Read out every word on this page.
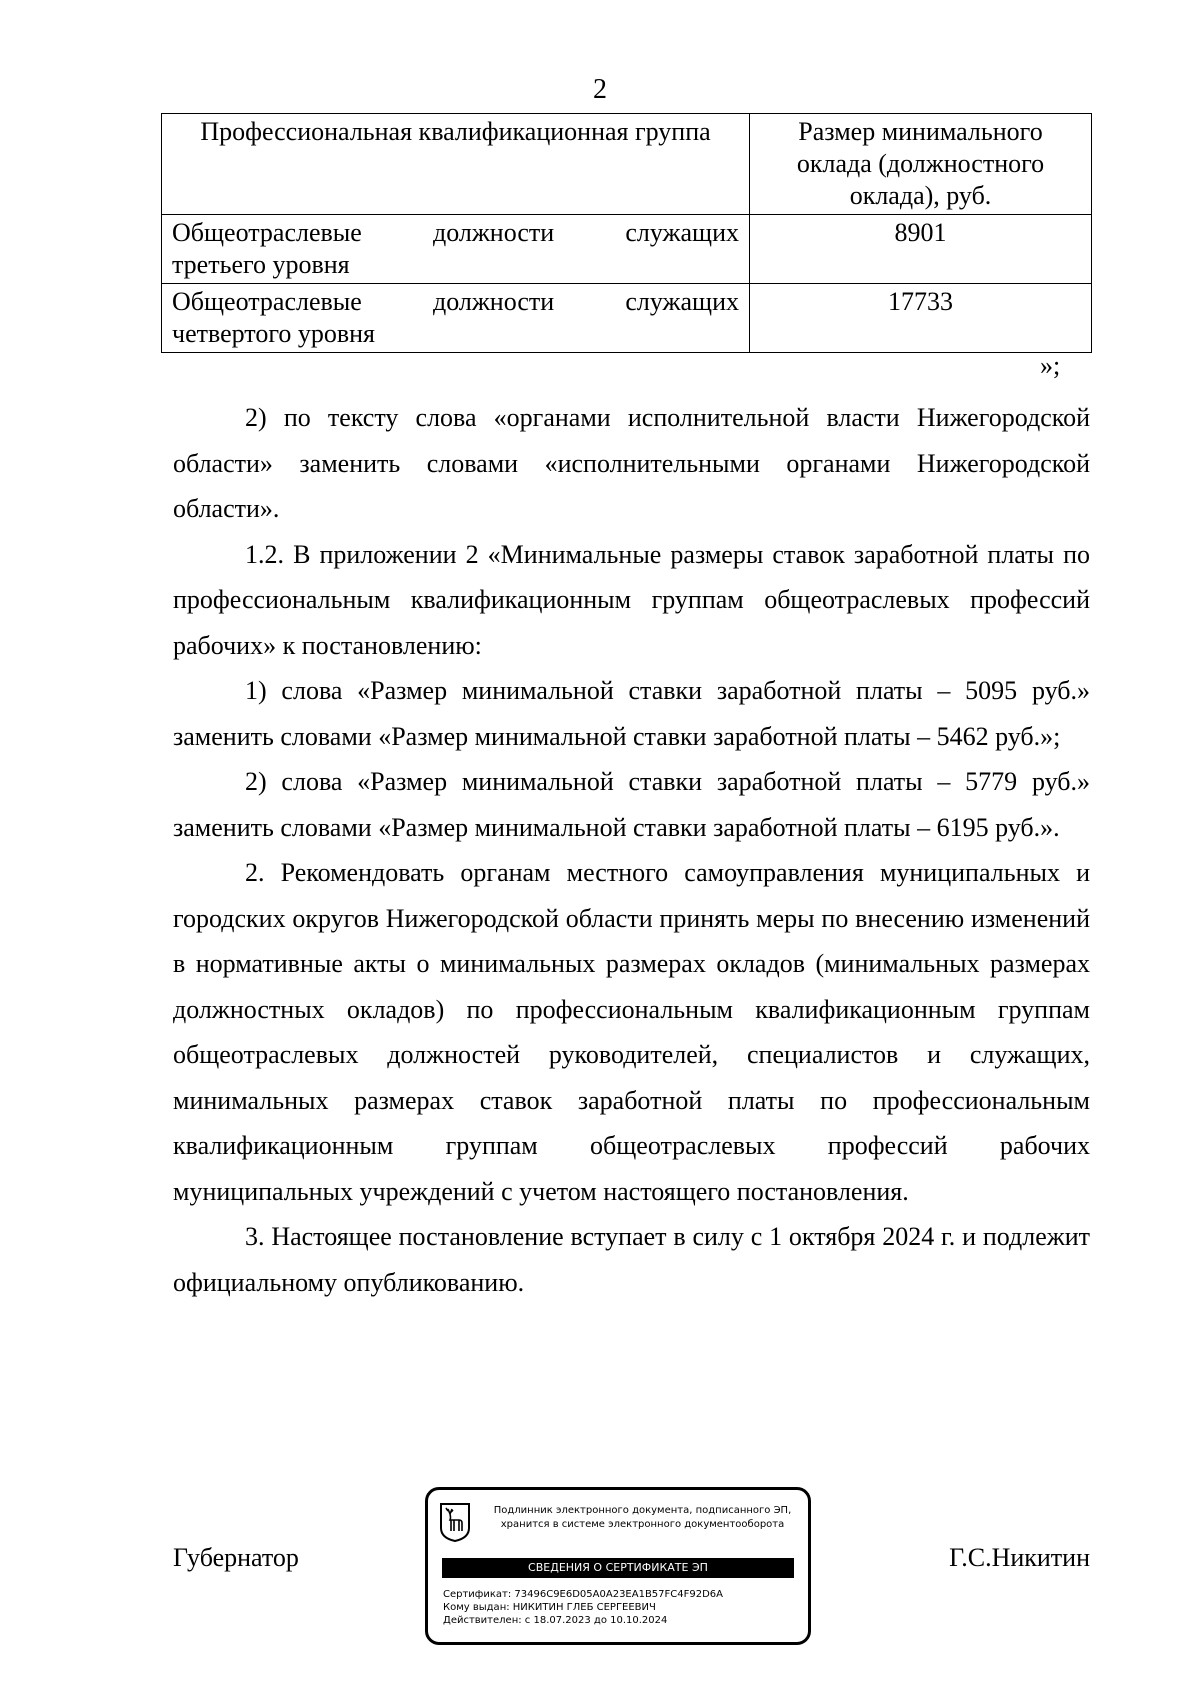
2
Профессиональная квалификационная группа	Размер минимального оклада (должностного оклада), руб.

Общеотраслевые должности служащих
третьего уровня	8901

Общеотраслевые должности служащих
четвертого уровня	17733
»;

2) по тексту слова «органами исполнительной власти Нижегородской области» заменить словами «исполнительными органами Нижегородской области».

1.2. В приложении 2 «Минимальные размеры ставок заработной платы по профессиональным квалификационным группам общеотраслевых профессий рабочих» к постановлению:

1) слова «Размер минимальной ставки заработной платы – 5095 руб.» заменить словами «Размер минимальной ставки заработной платы – 5462 руб.»;

2) слова «Размер минимальной ставки заработной платы – 5779 руб.» заменить словами «Размер минимальной ставки заработной платы – 6195 руб.».

2. Рекомендовать органам местного самоуправления муниципальных и городских округов Нижегородской области принять меры по внесению изменений в нормативные акты о минимальных размерах окладов (минимальных размерах должностных окладов) по профессиональным квалификационным группам общеотраслевых должностей руководителей, специалистов и служащих, минимальных размерах ставок заработной платы по профессиональным квалификационным группам общеотраслевых профессий рабочих муниципальных учреждений с учетом настоящего постановления.

3. Настоящее постановление вступает в силу с 1 октября 2024 г. и подлежит официальному опубликованию.

Губернатор	Г.С.Никитин
Подлинник электронного документа, подписанного ЭП,
хранится в системе электронного документооборота
СВЕДЕНИЯ О СЕРТИФИКАТЕ ЭП
Сертификат: 73496C9E6D05A0A23EA1B57FC4F92D6A
Кому выдан: НИКИТИН ГЛЕБ СЕРГЕЕВИЧ
Действителен: с 18.07.2023 до 10.10.2024
